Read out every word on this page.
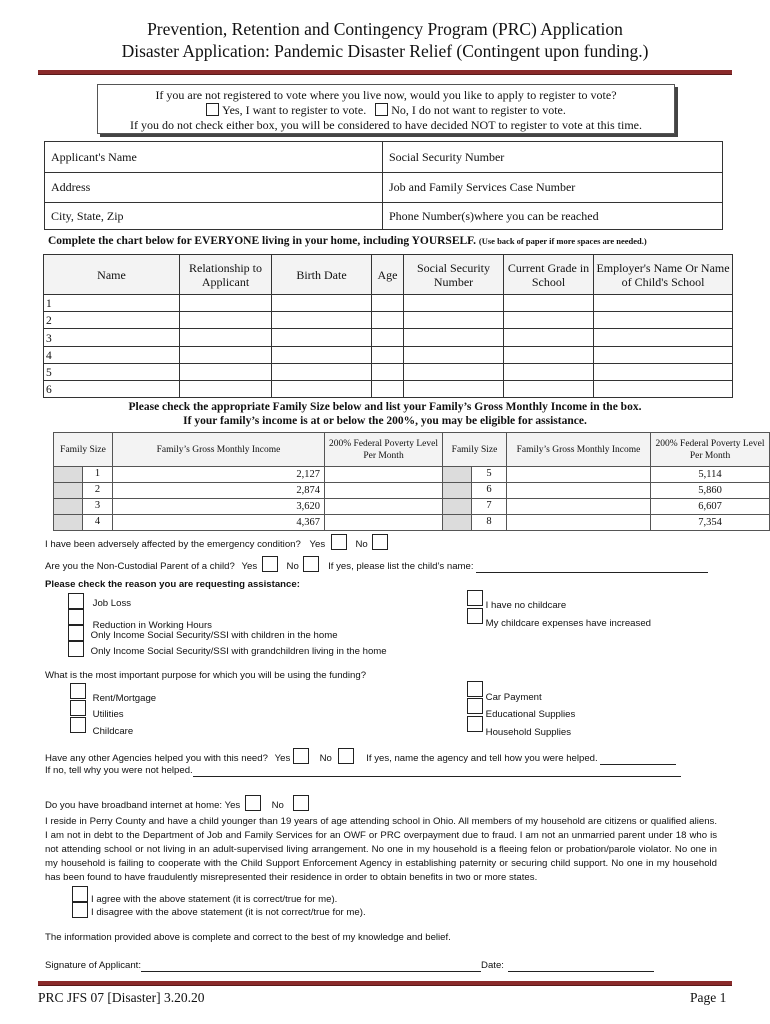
Prevention, Retention and Contingency Program (PRC) Application
Disaster Application: Pandemic Disaster Relief (Contingent upon funding.)
If you are not registered to vote where you live now, would you like to apply to register to vote?
Yes, I want to register to vote. No, I do not want to register to vote.
If you do not check either box, you will be considered to have decided NOT to register to vote at this time.
Applicant's Name	Social Security Number
Address	Job and Family Services Case Number
City, State, Zip	Phone Number(s)where you can be reached
Complete the chart below for EVERYONE living in your home, including YOURSELF. (Use back of paper if more spaces are needed.)
Name	Relationship to Applicant	Birth Date	Age	Social Security Number	Current Grade in School	Employer's Name Or Name of Child's School
1						
2						
3						
4						
5						
6						
Please check the appropriate Family Size below and list your Family’s Gross Monthly Income in the box.
If your family’s income is at or below the 200%, you may be eligible for assistance.
Family Size	Family’s Gross Monthly Income	200% Federal Poverty Level Per Month	Family Size	Family’s Gross Monthly Income	200% Federal Poverty Level Per Month

1	2,127		5		5,114

2	2,874		6		5,860

3	3,620		7		6,607

4	4,367		8		7,354
I have been adversely affected by the emergency condition? Yes	No
Are you the Non-Custodial Parent of a child? Yes	No	If yes, please list the child’s name:
Please check the reason you are requesting assistance:
Job Loss
Reduction in Working Hours
Only Income Social Security/SSI with children in the home
Only Income Social Security/SSI with grandchildren living in the home
I have no childcare
My childcare expenses have increased
What is the most important purpose for which you will be using the funding?
Rent/Mortgage
Utilities
Childcare
Car Payment
Educational Supplies
Household Supplies
Have any other Agencies helped you with this need? Yes	No	If yes, name the agency and tell how you were helped.
If no, tell why you were not helped.
Do you have broadband internet at home: Yes	No
I reside in Perry County and have a child younger than 19 years of age attending school in Ohio. All members of my household are citizens or qualified aliens. I am not in debt to the Department of Job and Family Services for an OWF or PRC overpayment due to fraud. I am not an unmarried parent under 18 who is not attending school or not living in an adult-supervised living arrangement. No one in my household is a fleeing felon or probation/parole violator. No one in my household is failing to cooperate with the Child Support Enforcement Agency in establishing paternity or securing child support. No one in my household has been found to have fraudulently misrepresented their residence in order to obtain benefits in two or more states.
I agree with the above statement (it is correct/true for me).
I disagree with the above statement (it is not correct/true for me).
The information provided above is complete and correct to the best of my knowledge and belief.
Signature of Applicant:	Date:
PRC JFS 07 [Disaster] 3.20.20	Page 1
